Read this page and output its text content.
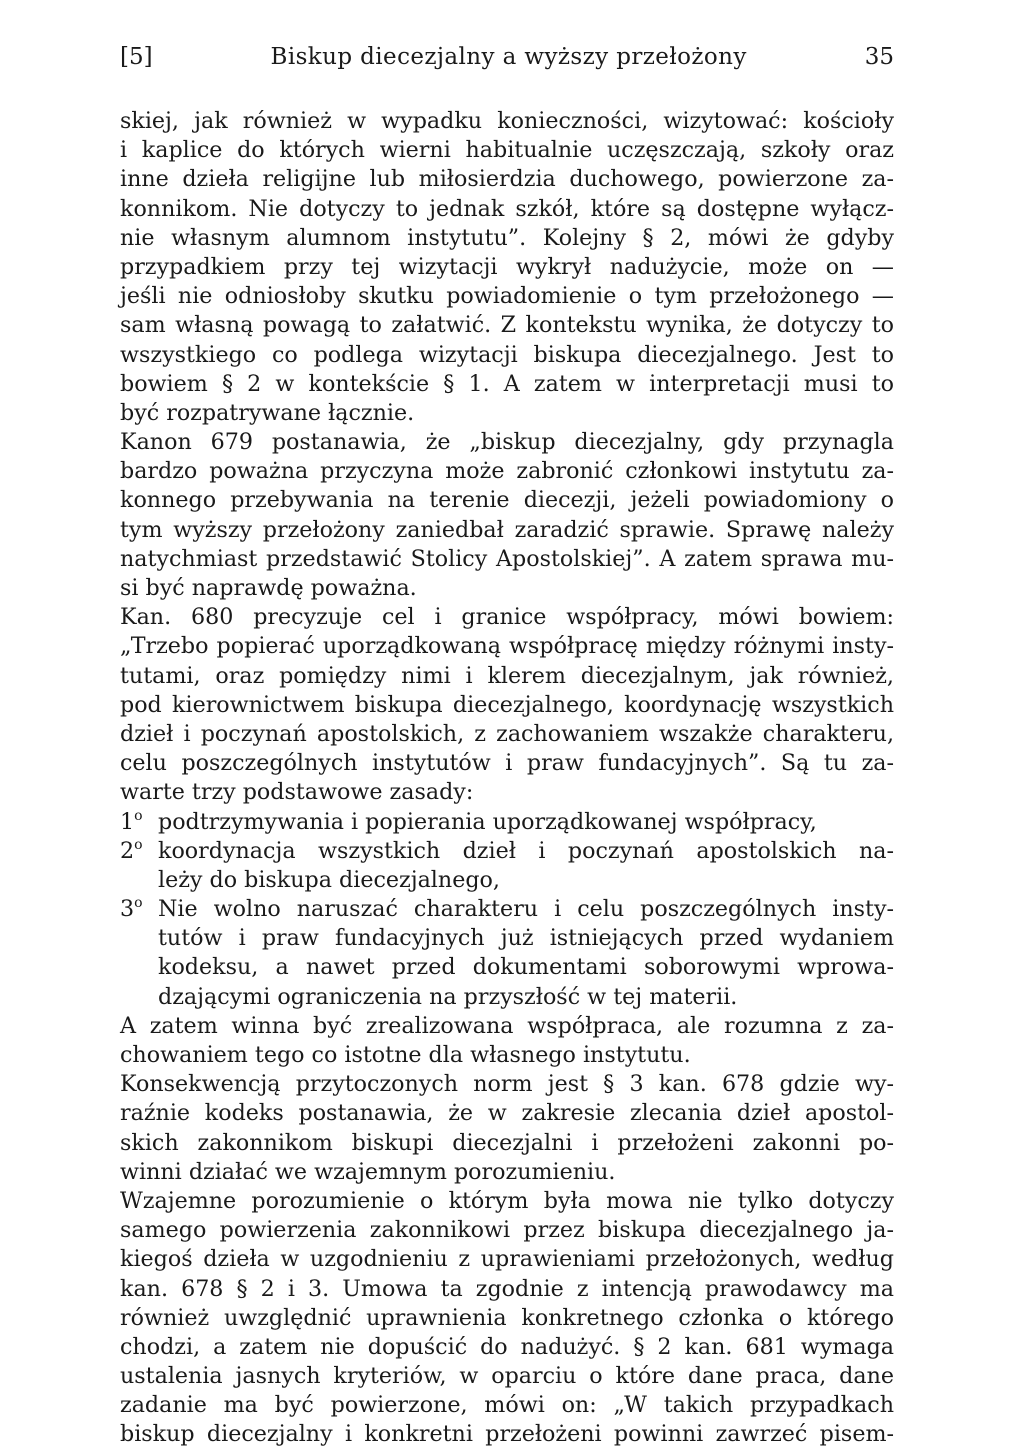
[5]	Biskup diecezjalny a wyższy przełożony	35
skiej, jak również w wypadku konieczności, wizytować: kościoły
i kaplice do których wierni habitualnie uczęszczają, szkoły oraz
inne dzieła religijne lub miłosierdzia duchowego, powierzone za-
konnikom. Nie dotyczy to jednak szkół, które są dostępne wyłącz-
nie własnym alumnom instytutu”. Kolejny § 2, mówi że gdyby
przypadkiem przy tej wizytacji wykrył nadużycie, może on —
jeśli nie odniosłoby skutku powiadomienie o tym przełożonego —
sam własną powagą to załatwić. Z kontekstu wynika, że dotyczy to
wszystkiego co podlega wizytacji biskupa diecezjalnego. Jest to
bowiem § 2 w kontekście § 1. A zatem w interpretacji musi to
być rozpatrywane łącznie.
Kanon 679 postanawia, że „biskup diecezjalny, gdy przynagla
bardzo poważna przyczyna może zabronić członkowi instytutu za-
konnego przebywania na terenie diecezji, jeżeli powiadomiony o
tym wyższy przełożony zaniedbał zaradzić sprawie. Sprawę należy
natychmiast przedstawić Stolicy Apostolskiej”. A zatem sprawa mu-
si być naprawdę poważna.
Kan. 680 precyzuje cel i granice współpracy, mówi bowiem:
„Trzebo popierać uporządkowaną współpracę między różnymi insty-
tutami, oraz pomiędzy nimi i klerem diecezjalnym, jak również,
pod kierownictwem biskupa diecezjalnego, koordynację wszystkich
dzieł i poczynań apostolskich, z zachowaniem wszakże charakteru,
celu poszczególnych instytutów i praw fundacyjnych”. Są tu za-
warte trzy podstawowe zasady:
1$^o$ podtrzymywania i popierania uporządkowanej współpracy,
2$^o$ koordynacja wszystkich dzieł i poczynań apostolskich na-
leży do biskupa diecezjalnego,
3$^o$ Nie wolno naruszać charakteru i celu poszczególnych insty-
tutów i praw fundacyjnych już istniejących przed wydaniem
kodeksu, a nawet przed dokumentami soborowymi wprowa-
dzającymi ograniczenia na przyszłość w tej materii.
A zatem winna być zrealizowana współpraca, ale rozumna z za-
chowaniem tego co istotne dla własnego instytutu.
Konsekwencją przytoczonych norm jest § 3 kan. 678 gdzie wy-
raźnie kodeks postanawia, że w zakresie zlecania dzieł apostol-
skich zakonnikom biskupi diecezjalni i przełożeni zakonni po-
winni działać we wzajemnym porozumieniu.
Wzajemne porozumienie o którym była mowa nie tylko dotyczy
samego powierzenia zakonnikowi przez biskupa diecezjalnego ja-
kiegoś dzieła w uzgodnieniu z uprawieniami przełożonych, według
kan. 678 § 2 i 3. Umowa ta zgodnie z intencją prawodawcy ma
również uwzględnić uprawnienia konkretnego członka o którego
chodzi, a zatem nie dopuścić do nadużyć. § 2 kan. 681 wymaga
ustalenia jasnych kryteriów, w oparciu o które dane praca, dane
zadanie ma być powierzone, mówi on: „W takich przypadkach
biskup diecezjalny i konkretni przełożeni powinni zawrzeć pisem-
